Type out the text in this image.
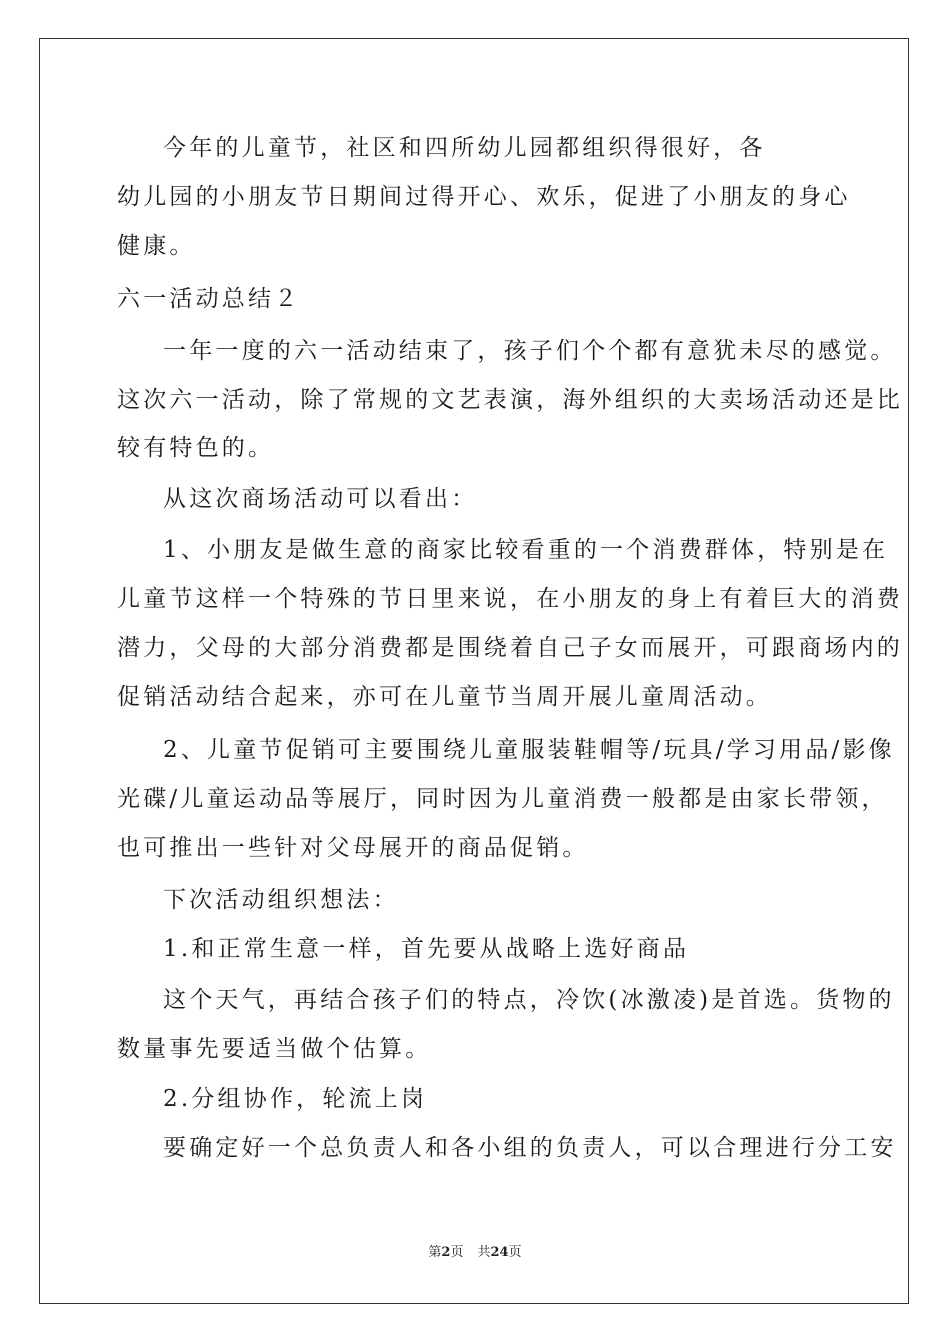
今年的儿童节，社区和四所幼儿园都组织得很好，各
幼儿园的小朋友节日期间过得开心、欢乐，促进了小朋友的身心
健康。
六一活动总结２
一年一度的六一活动结束了，孩子们个个都有意犹未尽的感觉。
这次六一活动，除了常规的文艺表演，海外组织的大卖场活动还是比
较有特色的。
从这次商场活动可以看出：
1、小朋友是做生意的商家比较看重的一个消费群体，特别是在
儿童节这样一个特殊的节日里来说，在小朋友的身上有着巨大的消费
潜力，父母的大部分消费都是围绕着自己子女而展开，可跟商场内的
促销活动结合起来，亦可在儿童节当周开展儿童周活动。
2、儿童节促销可主要围绕儿童服装鞋帽等/玩具/学习用品/影像
光碟/儿童运动品等展厅，同时因为儿童消费一般都是由家长带领，
也可推出一些针对父母展开的商品促销。
下次活动组织想法：
1.和正常生意一样，首先要从战略上选好商品
这个天气，再结合孩子们的特点，冷饮(冰激凌)是首选。货物的
数量事先要适当做个估算。
2.分组协作，轮流上岗
要确定好一个总负责人和各小组的负责人，可以合理进行分工安
第2页 共24页
